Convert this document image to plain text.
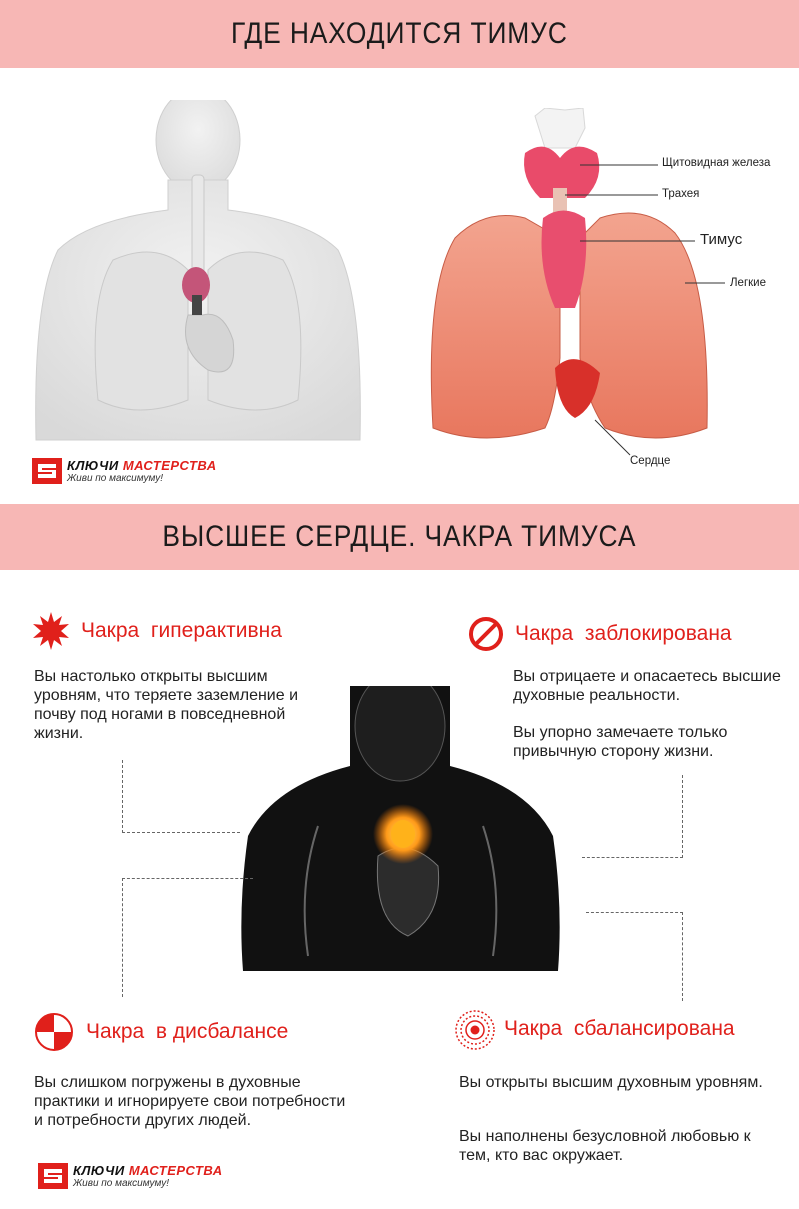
ГДЕ НАХОДИТСЯ ТИМУС
КЛЮЧИ МАСТЕРСТВА
Живи по максимуму!
Щитовидная железа
Трахея
Тимус
Легкие
Сердце
ВЫСШЕЕ СЕРДЦЕ. ЧАКРА ТИМУСА
Чакра  гиперактивна
Вы настолько открыты высшим уровням, что теряете заземление и почву под ногами в повседневной жизни.
Чакра  заблокирована
Вы отрицаете и опасаетесь высшие духовные реальности.
Вы упорно замечаете только привычную сторону жизни.
Чакра  в дисбалансе
Вы слишком погружены в духовные практики и игнорируете свои потребности и потребности других людей.
Чакра  сбалансирована
Вы открыты высшим духовным уровням.
Вы наполнены безусловной любовью к тем, кто вас окружает.
КЛЮЧИ МАСТЕРСТВА
Живи по максимуму!
